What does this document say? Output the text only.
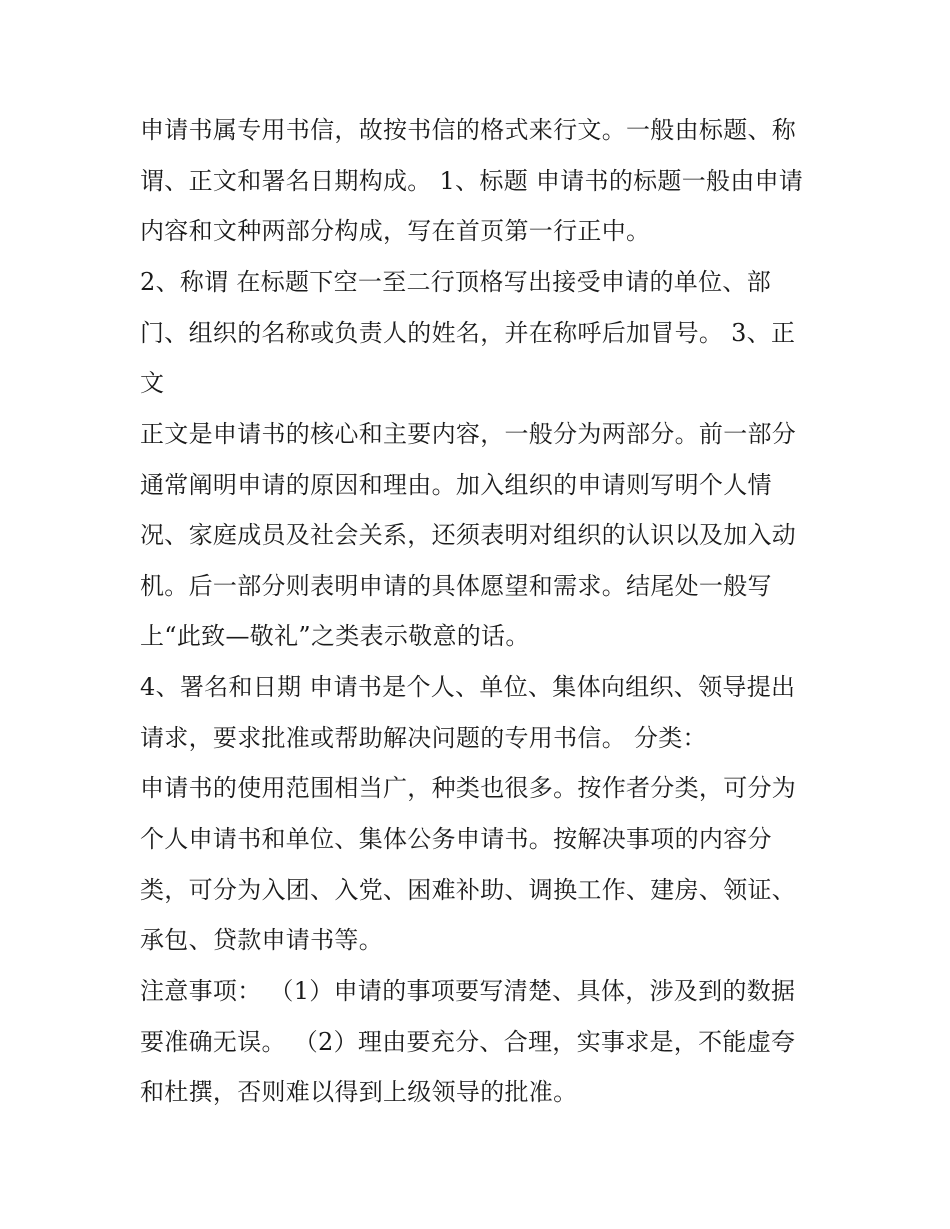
申请书属专用书信，故按书信的格式来行文。一般由标题、称
谓、正文和署名日期构成。 1、标题 申请书的标题一般由申请
内容和文种两部分构成，写在首页第一行正中。
2、称谓 在标题下空一至二行顶格写出接受申请的单位、部
门、组织的名称或负责人的姓名，并在称呼后加冒号。 3、正
文
正文是申请书的核心和主要内容，一般分为两部分。前一部分
通常阐明申请的原因和理由。加入组织的申请则写明个人情
况、家庭成员及社会关系，还须表明对组织的认识以及加入动
机。后一部分则表明申请的具体愿望和需求。结尾处一般写
上“此致—敬礼”之类表示敬意的话。
4、署名和日期 申请书是个人、单位、集体向组织、领导提出
请求，要求批准或帮助解决问题的专用书信。 分类：
申请书的使用范围相当广，种类也很多。按作者分类，可分为
个人申请书和单位、集体公务申请书。按解决事项的内容分
类，可分为入团、入党、困难补助、调换工作、建房、领证、
承包、贷款申请书等。
注意事项： （1）申请的事项要写清楚、具体，涉及到的数据
要准确无误。 （2）理由要充分、合理，实事求是，不能虚夸
和杜撰，否则难以得到上级领导的批准。
